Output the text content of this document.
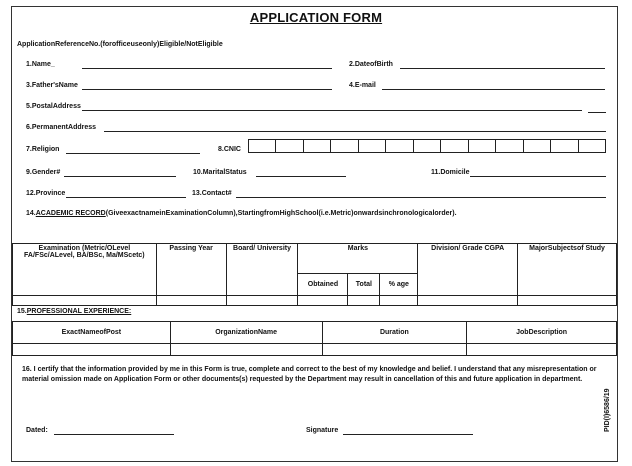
APPLICATION FORM
ApplicationReferenceNo.(forofficeuseonly)Eligible/NotEligible
1.Name_	2.DateofBirth
3.Father'sName	4.E-mail
5.PostalAddress
6.PermanentAddress
7.Religion	8.CNIC
9.Gender#	10.MaritalStatus	11.Domicile
12.Province	13.Contact#
14.ACADEMIC RECORD(GiveexactnameinExaminationColumn),StartingfromHighSchool(i.e.Metric)onwardsinchronologicalorder).
Examination (Metric/OLevel FA/FSc/ALevel, BA/BSc, Ma/MScetc)	Passing Year	Board/ University	Marks			Division/ Grade CGPA	MajorSubjectsof Study
			Obtained	Total	% age		

15.PROFESSIONAL EXPERIENCE:
ExactNameofPost	OrganizationName	Duration	JobDescription

16. I certify that the information provided by me in this Form is true, complete and correct to the best of my knowledge and belief. I understand that any misrepresentation or material omission made on Application Form or other documents(s) requested by the Department may result in cancellation of this and future application in department.
Dated:	Signature	PID(I)6586/19
